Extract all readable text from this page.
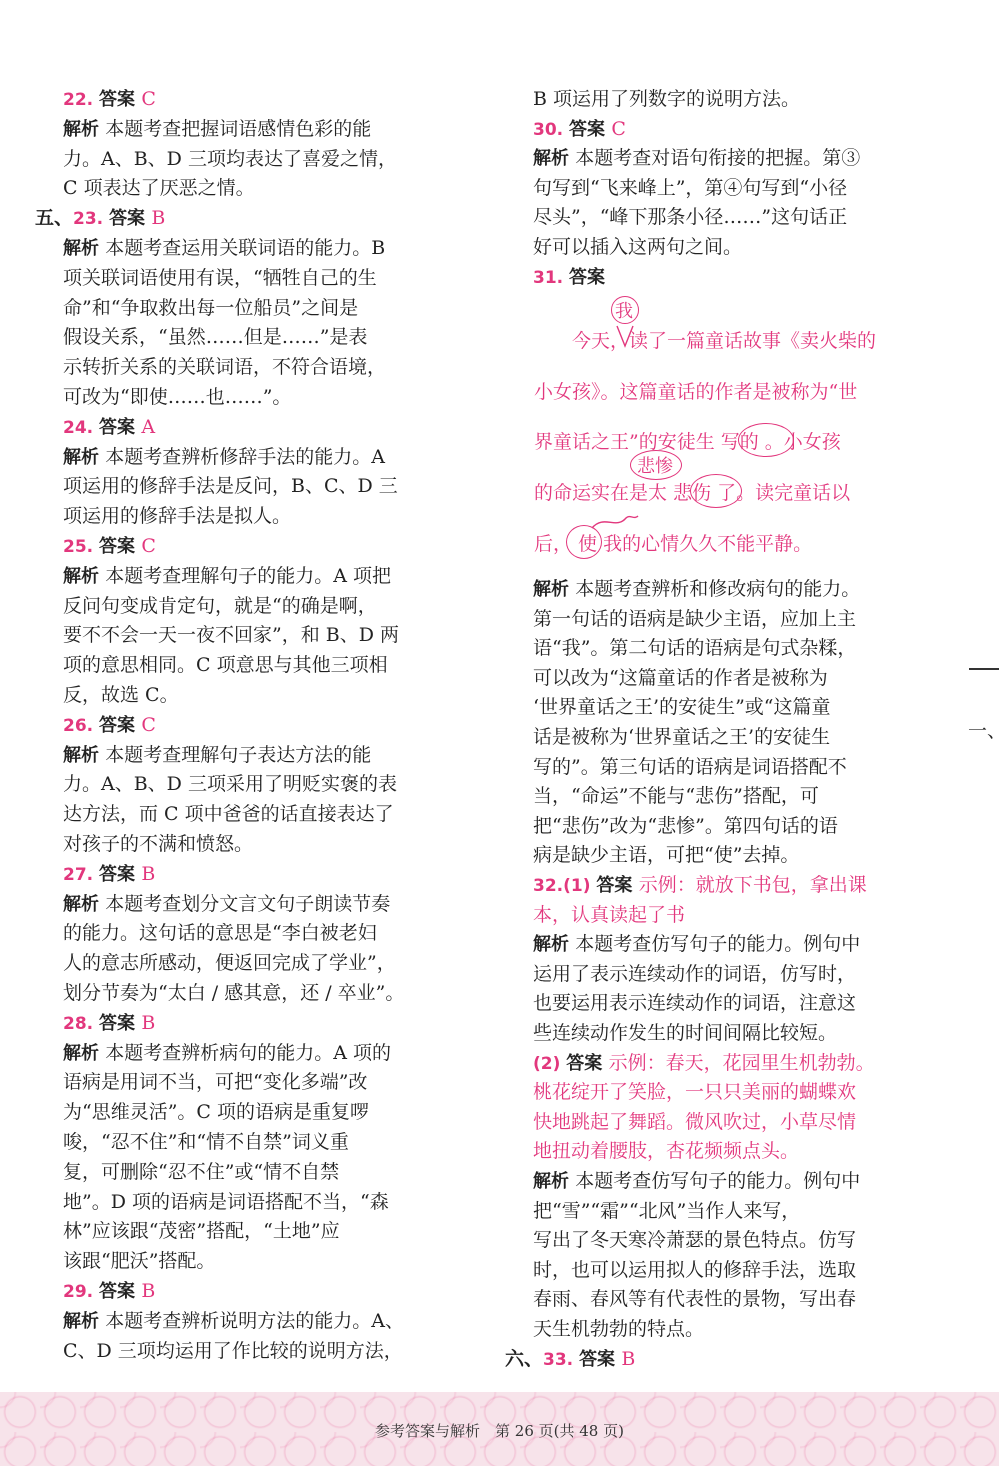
22. 答案 C
解析 本题考查把握词语感情色彩的能
力。A、B、D 三项均表达了喜爱之情，
C 项表达了厌恶之情。
五、23. 答案 B
解析 本题考查运用关联词语的能力。B
项关联词语使用有误，“牺牲自己的生
命”和“争取救出每一位船员”之间是
假设关系，“虽然……但是……”是表
示转折关系的关联词语，不符合语境，
可改为“即使……也……”。
24. 答案 A
解析 本题考查辨析修辞手法的能力。A
项运用的修辞手法是反问，B、C、D 三
项运用的修辞手法是拟人。
25. 答案 C
解析 本题考查理解句子的能力。A 项把
反问句变成肯定句，就是“的确是啊，
要不不会一天一夜不回家”，和 B、D 两
项的意思相同。C 项意思与其他三项相
反，故选 C。
26. 答案 C
解析 本题考查理解句子表达方法的能
力。A、B、D 三项采用了明贬实褒的表
达方法，而 C 项中爸爸的话直接表达了
对孩子的不满和愤怒。
27. 答案 B
解析 本题考查划分文言文句子朗读节奏
的能力。这句话的意思是“李白被老妇
人的意志所感动，便返回完成了学业”，
划分节奏为“太白 / 感其意，还 / 卒业”。
28. 答案 B
解析 本题考查辨析病句的能力。A 项的
语病是用词不当，可把“变化多端”改
为“思维灵活”。C 项的语病是重复啰
唆，“忍不住”和“情不自禁”词义重
复，可删除“忍不住”或“情不自禁
地”。D 项的语病是词语搭配不当，“森
林”应该跟“茂密”搭配，“土地”应
该跟“肥沃”搭配。
29. 答案 B
解析 本题考查辨析说明方法的能力。A、
C、D 三项均运用了作比较的说明方法，
B 项运用了列数字的说明方法。
30. 答案 C
解析 本题考查对语句衔接的把握。第③
句写到“飞来峰上”，第④句写到“小径
尽头”，“峰下那条小径……”这句话正
好可以插入这两句之间。
31. 答案
解析 本题考查辨析和修改病句的能力。
第一句话的语病是缺少主语，应加上主
语“我”。第二句话的语病是句式杂糅，
可以改为“这篇童话的作者是被称为
‘世界童话之王’的安徒生”或“这篇童
话是被称为‘世界童话之王’的安徒生
写的”。第三句话的语病是词语搭配不
当，“命运”不能与“悲伤”搭配，可
把“悲伤”改为“悲惨”。第四句话的语
病是缺少主语，可把“使”去掉。
32.(1) 答案 示例：就放下书包，拿出课
本，认真读起了书
解析 本题考查仿写句子的能力。例句中
运用了表示连续动作的词语，仿写时，
也要运用表示连续动作的词语，注意这
些连续动作发生的时间间隔比较短。
(2) 答案 示例：春天，花园里生机勃勃。
桃花绽开了笑脸，一只只美丽的蝴蝶欢
快地跳起了舞蹈。微风吹过，小草尽情
地扭动着腰肢，杏花频频点头。
解析 本题考查仿写句子的能力。例句中
把“雪”“霜”“北风”当作人来写，
写出了冬天寒冷萧瑟的景色特点。仿写
时，也可以运用拟人的修辞手法，选取
春雨、春风等有代表性的景物，写出春
天生机勃勃的特点。
六、33. 答案 B
今天，读了一篇童话故事《卖火柴的
小女孩》。这篇童话的作者是被称为“世
界童话之王”的安徒生 写的 。小女孩
的命运实在是太 悲伤 了。读完童话以
后， 使 我的心情久久不能平静。
我
悲惨
一、
参考答案与解析　第 26 页(共 48 页)
